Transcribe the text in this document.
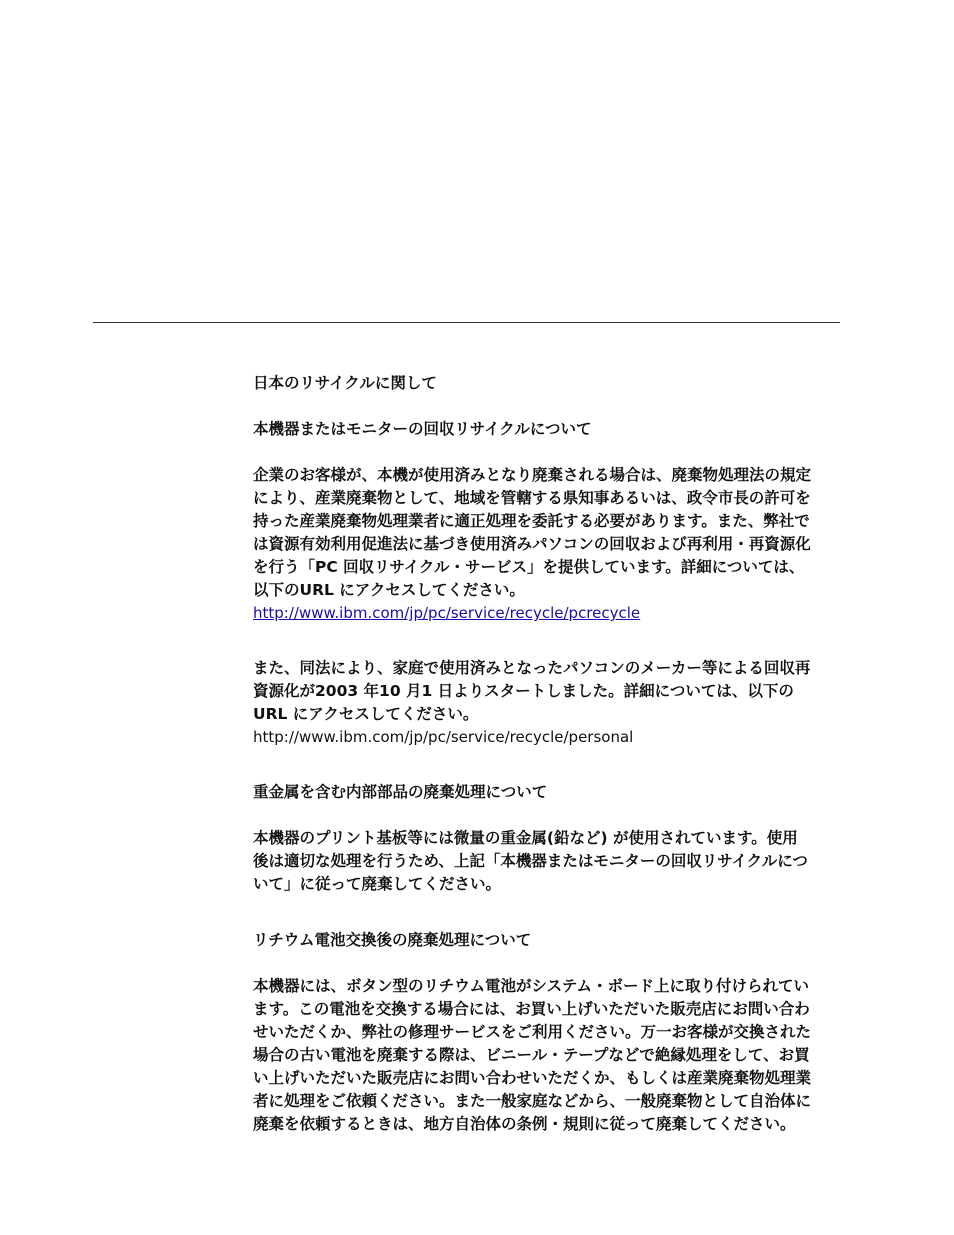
日本のリサイクルに関して
本機器またはモニターの回収リサイクルについて
企業のお客様が、本機が使用済みとなり廃棄される場合は、廃棄物処理法の規定
により、産業廃棄物として、地域を管轄する県知事あるいは、政令市長の許可を
持った産業廃棄物処理業者に適正処理を委託する必要があります。また、弊社で
は資源有効利用促進法に基づき使用済みパソコンの回収および再利用・再資源化
を行う「PC 回収リサイクル・サービス」を提供しています。詳細については、
以下のURL にアクセスしてください。
http://www.ibm.com/jp/pc/service/recycle/pcrecycle
また、同法により、家庭で使用済みとなったパソコンのメーカー等による回収再
資源化が2003 年10 月1 日よりスタートしました。詳細については、以下の
URL にアクセスしてください。
http://www.ibm.com/jp/pc/service/recycle/personal
重金属を含む内部部品の廃棄処理について
本機器のプリント基板等には微量の重金属(鉛など) が使用されています。使用
後は適切な処理を行うため、上記「本機器またはモニターの回収リサイクルにつ
いて」に従って廃棄してください。
リチウム電池交換後の廃棄処理について
本機器には、ボタン型のリチウム電池がシステム・ボード上に取り付けられてい
ます。この電池を交換する場合には、お買い上げいただいた販売店にお問い合わ
せいただくか、弊社の修理サービスをご利用ください。万一お客様が交換された
場合の古い電池を廃棄する際は、ビニール・テープなどで絶縁処理をして、お買
い上げいただいた販売店にお問い合わせいただくか、もしくは産業廃棄物処理業
者に処理をご依頼ください。また一般家庭などから、一般廃棄物として自治体に
廃棄を依頼するときは、地方自治体の条例・規則に従って廃棄してください。
